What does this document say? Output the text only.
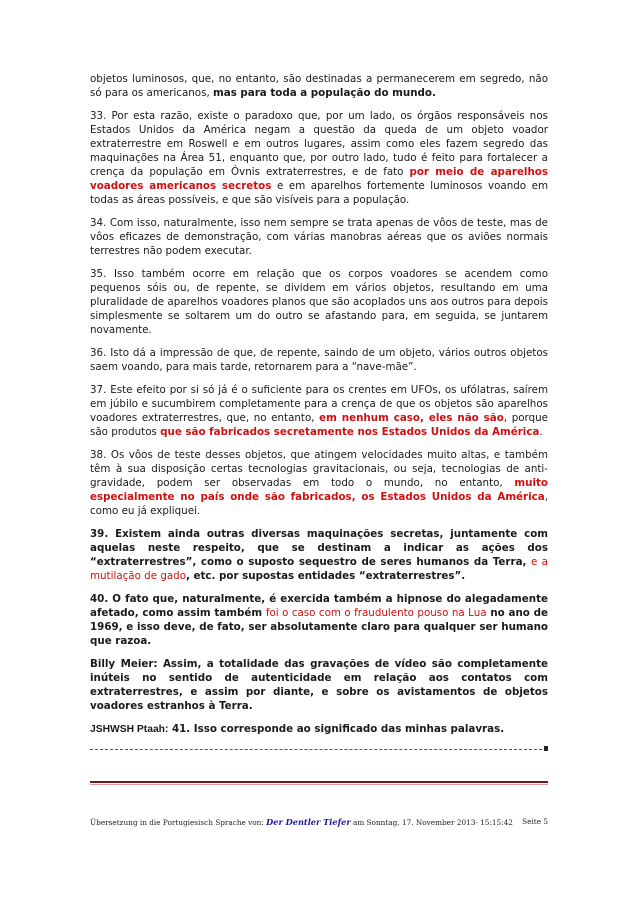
objetos luminosos, que, no entanto, são destinadas a permanecerem em segredo, não só para os americanos, mas para toda a população do mundo.

33. Por esta razão, existe o paradoxo que, por um lado, os órgãos responsáveis nos Estados Unidos da América negam a questão da queda de um objeto voador extraterrestre em Roswell e em outros lugares, assim como eles fazem segredo das maquinações na Área 51, enquanto que, por outro lado, tudo é feito para fortalecer a crença da população em Óvnis extraterrestres, e de fato por meio de aparelhos voadores americanos secretos e em aparelhos fortemente luminosos voando em todas as áreas possíveis, e que são visíveis para a população.

34. Com isso, naturalmente, isso nem sempre se trata apenas de vôos de teste, mas de vôos eficazes de demonstração, com várias manobras aéreas que os aviões normais terrestres não podem executar.

35. Isso também ocorre em relação que os corpos voadores se acendem como pequenos sóis ou, de repente, se dividem em vários objetos, resultando em uma pluralidade de aparelhos voadores planos que são acoplados uns aos outros para depois simplesmente se soltarem um do outro se afastando para, em seguida, se juntarem novamente.

36. Isto dá a impressão de que, de repente, saindo de um objeto, vários outros objetos saem voando, para mais tarde, retornarem para a “nave-mãe”.

37. Este efeito por si só já é o suficiente para os crentes em UFOs, os ufólatras, saírem em júbilo e sucumbirem completamente para a crença de que os objetos são aparelhos voadores extraterrestres, que, no entanto, em nenhum caso, eles não são, porque são produtos que são fabricados secretamente nos Estados Unidos da América.

38. Os vôos de teste desses objetos, que atingem velocidades muito altas, e também têm à sua disposição certas tecnologias gravitacionais, ou seja, tecnologias de anti-gravidade, podem ser observadas em todo o mundo, no entanto, muito especialmente no país onde são fabricados, os Estados Unidos da América, como eu já expliquei.

39. Existem ainda outras diversas maquinações secretas, juntamente com aquelas neste respeito, que se destinam a indicar as ações dos “extraterrestres”, como o suposto sequestro de seres humanos da Terra, e a mutilação de gado, etc. por supostas entidades “extraterrestres”.

40. O fato que, naturalmente, é exercida também a hipnose do alegadamente afetado, como assim também foi o caso com o fraudulento pouso na Lua no ano de 1969, e isso deve, de fato, ser absolutamente claro para qualquer ser humano que razoa.

Billy Meier: Assim, a totalidade das gravações de vídeo são completamente inúteis no sentido de autenticidade em relação aos contatos com extraterrestres, e assim por diante, e sobre os avistamentos de objetos voadores estranhos à Terra.

JSHWSH Ptaah: 41. Isso corresponde ao significado das minhas palavras.

Übersetzung in die Portugiesisch Sprache von: Der Dentler Tiefer am Sonntag, 17. November 2013- 15:15:42 Seite 5
